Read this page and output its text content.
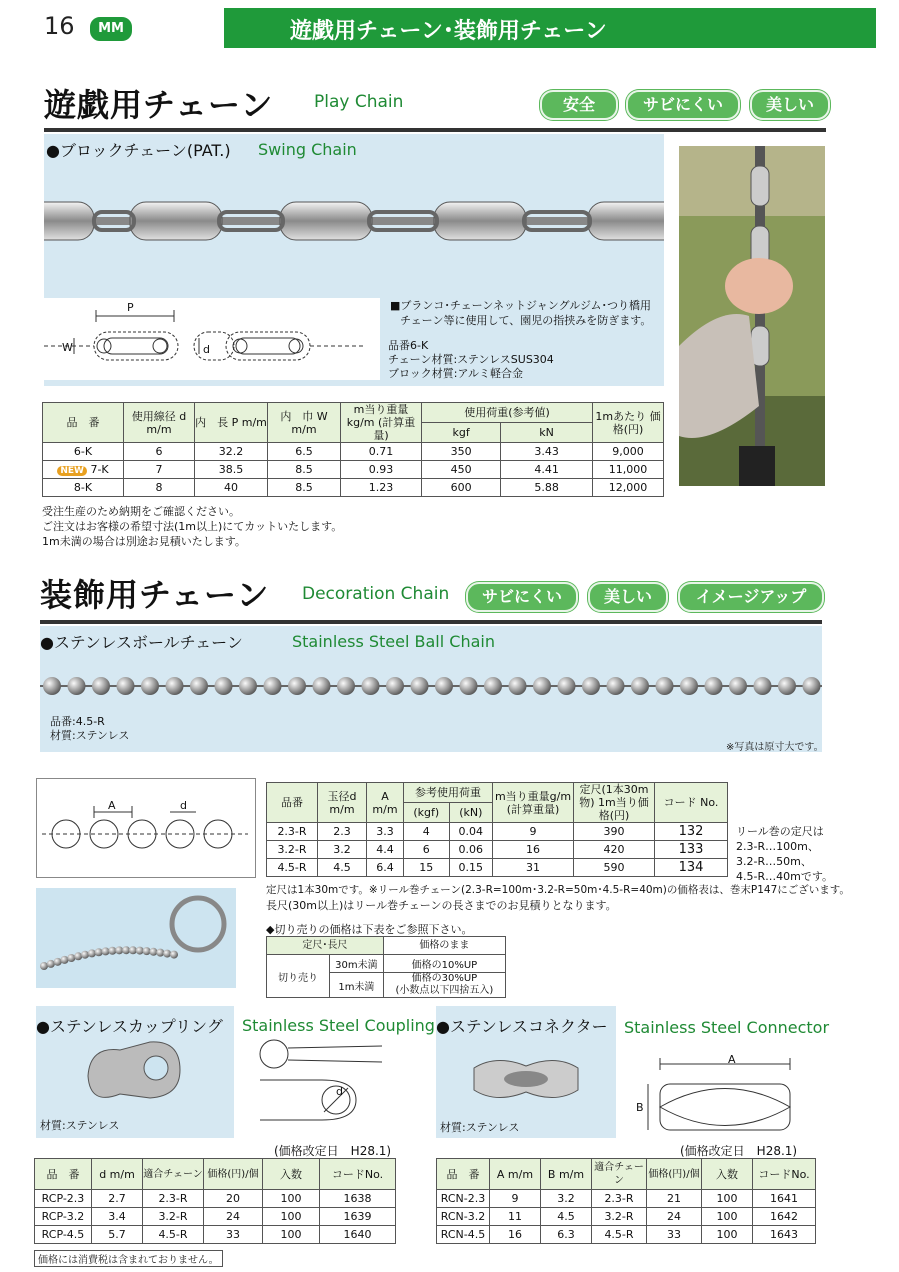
16	MM	遊戯用チェーン･装飾用チェーン
遊戯用チェーン Play Chain	安全	サビにくい	美しい
●ブロックチェーン(PAT.) Swing Chain
P
W	d
■ブランコ･チェーンネットジャングルジム･つり橋用
チェーン等に使用して、園児の指挟みを防ぎます。
品番6-K
チェーン材質:ステンレスSUS304
ブロック材質:アルミ軽合金
品　番	使用線径 d m/m	内　長 P m/m	内　巾 W m/m	m当り重量kg/m (計算重量)	使用荷重(参考値)		1mあたり 価格(円)
					kgf	kN	
6-K	6	32.2	6.5	0.71	350	3.43	9,000
NEW 7-K	7	38.5	8.5	0.93	450	4.41	11,000
8-K	8	40	8.5	1.23	600	5.88	12,000
受注生産のため納期をご確認ください。
ご注文はお客様の希望寸法(1m以上)にてカットいたします。
1m未満の場合は別途お見積いたします。
装飾用チェーン Decoration Chain	サビにくい	美しい	イメージアップ
●ステンレスボールチェーン	Stainless Steel Ball Chain
品番:4.5-R
材質:ステンレス
※写真は原寸大です。
A	d	品番	玉径d m/m	A m/m	参考使用荷重		m当り重量g/m (計算重量)	定尺(1本30m物) 1m当り価格(円)	コード No.
			(kgf)	(kN)			
2.3-R	2.3	3.3	4	0.04	9	390	132
3.2-R	3.2	4.4	6	0.06	16	420	133
4.5-R	4.5	6.4	15	0.15	31	590	134
リール巻の定尺は
2.3-R…100m、
3.2-R…50m、
4.5-R…40mです。
定尺は1本30mです。※リール巻チェーン(2.3-R=100m･3.2-R=50m･4.5-R=40m)の価格表は、巻末P147にございます。
長尺(30m以上)はリール巻チェーンの長さまでのお見積りとなります。
◆切り売りの価格は下表をご参照下さい。
定尺･長尺		価格のまま
切り売り	30m未満	価格の10%UP
	1m未満	価格の30%UP
(小数点以下四捨五入)
●ステンレスカップリング Stainless Steel Coupling
材質:ステンレス
d
(価格改定日　H28.1)
品　番	d m/m	適合チェーン	価格(円)/個	入数	コードNo.
RCP-2.3	2.7	2.3-R	20	100	1638
RCP-3.2	3.4	3.2-R	24	100	1639
RCP-4.5	5.7	4.5-R	33	100	1640
●ステンレスコネクター Stainless Steel Connector
材質:ステンレス
A
B
(価格改定日　H28.1)
品　番	A m/m	B m/m	適合チェーン	価格(円)/個	入数	コードNo.
RCN-2.3	9	3.2	2.3-R	21	100	1641
RCN-3.2	11	4.5	3.2-R	24	100	1642
RCN-4.5	16	6.3	4.5-R	33	100	1643
価格には消費税は含まれておりません。
